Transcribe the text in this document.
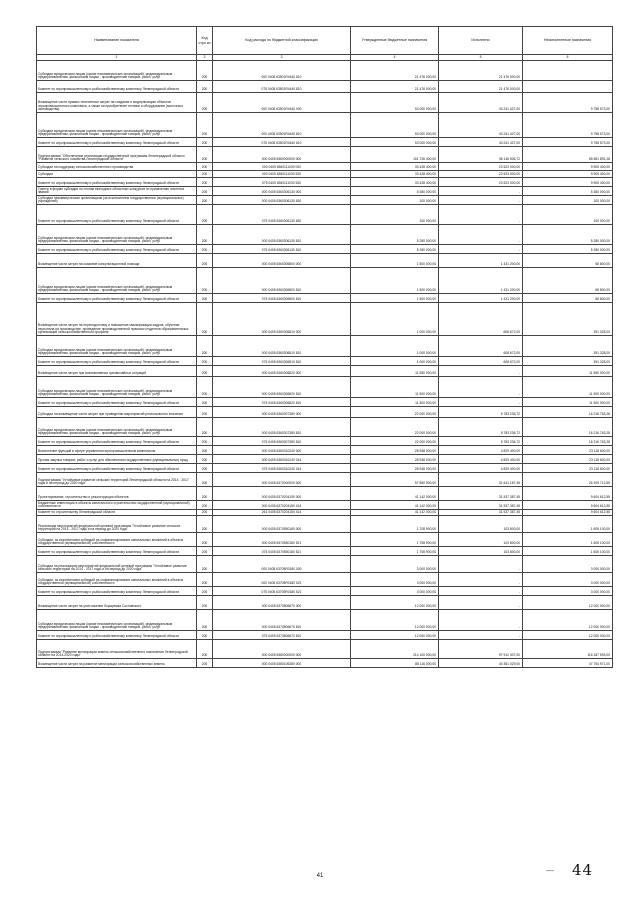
Наименование показателя	Код стро ки	Код расхода по бюджетной классификации	Утвержденные бюджетные назначения	Исполнено	Неисполненные назначения
1	2	3	4	5	6
Субсидии юридическим лицам (кроме некоммерческих организаций), индивидуальным предпринимателям, физическим лицам - производителям товаров, работ, услуг	200	000 0405 63501R4440 810	21 476 000,00	21 476 000,00	-
Комитет по агропромышленному и рыбохозяйственному комплексу Ленинградской области	200	075 0405 63501R4440 810	21 476 000,00	21 476 000,00	-
Возмещение части прямых понесенных затрат на создание и модернизацию объектов агропромышленного комплекса, а также на приобретение техники и оборудования (молочного скотоводства)	200	000 0405 63501R4440 000	53 000 000,00	43 241 427,00	9 758 573,00
Субсидии юридическим лицам (кроме некоммерческих организаций), индивидуальным предпринимателям, физическим лицам - производителям товаров, работ, услуг	200	000 0405 63501R4440 810	53 000 000,00	43 241 427,00	9 758 573,00
Комитет по агропромышленному и рыбохозяйственному комплексу Ленинградской области	200	075 0405 63501R4440 810	53 000 000,00	43 241 427,00	9 758 573,00
Подпрограмма "Обеспечение реализации государственной программы Ленинградской области "Развитие сельского хозяйства Ленинградской области"	200	000 0405 6360000000 000	101 726 400,00	36 146 506,72	65 581 891,28
Субсидии на поддержку сельскохозяйственного производства	200	000 0405 6360111030 000	33 428 400,00	23 523 000,00	9 905 400,00
Субсидии	200	000 0405 6360111030 530	33 428 400,00	23 523 000,00	9 905 400,00
Комитет по агропромышленному и рыбохозяйственному комплексу Ленинградской области	200	075 0405 6360111030 530	33 428 400,00	23 523 000,00	9 905 400,00
Гранты в форме субсидии по итогам ежегодных областных конкурсов по присвоению почетных званий	200	000 0405 6360306130 000	5 380 000,00	-	5 380 000,00
Субсидии некоммерческим организациям (за исключением государственных (муниципальных) учреждений)	200	000 0405 6360306130 630	100 000,00	-	100 000,00
Комитет по агропромышленному и рыбохозяйственному комплексу Ленинградской области	200	075 0405 6360306130 630	100 000,00	-	100 000,00
Субсидии юридическим лицам (кроме некоммерческих организаций), индивидуальным предпринимателям, физическим лицам - производителям товаров, работ, услуг	200	000 0405 6360306130 810	5 280 000,00	-	5 280 000,00
Комитет по агропромышленному и рыбохозяйственному комплексу Ленинградской области	200	075 0405 6360306130 810	5 280 000,00	-	5 280 000,00
Возмещение части затрат на оказание консультационной помощи	200	000 0405 6360306800 000	1 500 000,00	1 431 200,00	68 800,00
Субсидии юридическим лицам (кроме некоммерческих организаций), индивидуальным предпринимателям, физическим лицам - производителям товаров, работ, услуг	200	000 0405 6360306800 810	1 500 000,00	1 431 200,00	68 800,00
Комитет по агропромышленному и рыбохозяйственному комплексу Ленинградской области	200	075 0405 6360306800 810	1 500 000,00	1 431 200,00	68 800,00
Возмещение части затрат на переподготовку и повышение квалификации кадров, обучение персонала на производстве, проведение производственной практики студентов образовательных организаций сельскохозяйственного профиля	200	000 0405 6360306810 000	1 000 000,00	608 672,00	391 328,00
Субсидии юридическим лицам (кроме некоммерческих организаций), индивидуальным предпринимателям, физическим лицам - производителям товаров, работ, услуг	200	000 0405 6360306810 810	1 000 000,00	608 672,00	391 328,00
Комитет по агропромышленному и рыбохозяйственному комплексу Ленинградской области	200	075 0405 6360306810 810	1 000 000,00	608 672,00	391 328,00
Возмещение части затрат при возникновении чрезвычайных ситуаций	200	000 0405 6360306820 000	11 550 000,00	-	11 550 000,00
Субсидии юридическим лицам (кроме некоммерческих организаций), индивидуальным предпринимателям, физическим лицам - производителям товаров, работ, услуг	200	000 0405 6360306820 810	11 500 000,00	-	11 500 000,00
Комитет по агропромышленному и рыбохозяйственному комплексу Ленинградской области	200	075 0405 6360306820 810	11 500 000,00	-	11 500 000,00
Субсидии на возмещение части затрат при проведении мероприятий регионального значения	200	000 0405 6360307380 000	22 000 000,00	5 783 236,72	16 216 763,28
Субсидии юридическим лицам (кроме некоммерческих организаций), индивидуальным предпринимателям, физическим лицам - производителям товаров, работ, услуг	200	000 0405 6360307380 810	22 000 000,00	5 783 236,72	16 216 763,28
Комитет по агропромышленному и рыбохозяйственному комплексу Ленинградской области	200	075 0405 6360307380 810	22 000 000,00	5 783 236,72	16 216 763,28
Выполнение функций в сфере управления агропромышленным комплексом	200	000 0405 6360310240 000	28 948 000,00	4 829 400,00	23 118 600,00
Прочая закупка товаров, работ и услуг для обеспечения государственных (муниципальных) нужд	200	000 0405 6360310240 244	28 948 000,00	4 829 400,00	23 118 600,00
Комитет по агропромышленному и рыбохозяйственному комплексу Ленинградской области	200	075 0405 6360310240 244	28 948 000,00	4 829 400,00	23 118 600,00
Подпрограмма "Устойчивое развитие сельских территорий Ленинградской области на 2014 - 2017 годы и на период до 2020 года"	200	000 0405 6370000000 000	57 850 900,00	31 641 187,45	26 209 712,55
Проектирование, строительство и реконструкция объектов	200	000 0405 6370204150 000	41 142 000,00	31 537 387,45	9 604 612,55
Бюджетные инвестиции в объекты капитального строительства государственной (муниципальной) собственности	200	000 0405 6370204150 414	41 142 000,00	31 537 387,45	9 604 612,55
Комитет по строительству Ленинградской области	200	261 0405 6370204150 414	41 142 000,00	31 537 387,45	9 604 612,55
Реализация мероприятий федеральной целевой программы "Устойчивое развитие сельских территорий на 2014 - 2017 годы и на период до 2020 года"	200	000 0405 6370550180 000	1 708 900,00	103 800,00	1 605 100,00
Субсидии, за исключением субсидий на софинансирование капитальных вложений в объекты государственной (муниципальной) собственности	200	000 0405 6370550180 521	1 708 900,00	103 800,00	1 605 100,00
Комитет по агропромышленному и рыбохозяйственному комплексу Ленинградской области	200	075 0405 6370550180 521	1 708 900,00	103 800,00	1 605 100,00
Субсидии на реализацию мероприятий федеральной целевой программы "Устойчивое развитие сельских территорий на 2014 - 2017 годы и на период до 2020 года"	200	000 0405 63705R0180 000	3 000 000,00	-	3 000 000,00
Субсидии, за исключением субсидий на софинансирование капитальных вложений в объекты государственной (муниципальной) собственности	200	000 0405 63705R0180 521	3 000 000,00	-	3 000 000,00
Комитет по агропромышленному и рыбохозяйственному комплексу Ленинградской области	200	075 0405 63705R0180 521	3 000 000,00	-	3 000 000,00
Возмещение части затрат на уничтожение борщевика Сосновского	200	000 0405 6370806670 000	12 000 000,00	-	12 000 000,00
Субсидии юридическим лицам (кроме некоммерческих организаций), индивидуальным предпринимателям, физическим лицам - производителям товаров, работ, услуг	200	000 0405 6370806670 810	12 000 000,00	-	12 000 000,00
Комитет по агропромышленному и рыбохозяйственному комплексу Ленинградской области	200	075 0405 6370806670 810	12 000 000,00	-	12 000 000,00
Подпрограмма "Развитие мелиорации земель сельскохозяйственного назначения Ленинградской области на 2014-2020 годы"	200	000 0405 6380000000 000	214 100 000,00	97 912 407,00	116 187 593,00
Возмещение части затрат на развитие мелиорации сельскохозяйственных земель	200	000 0405 6380106380 000	88 116 000,00	40 361 029,00	47 754 971,00
— 44
41
